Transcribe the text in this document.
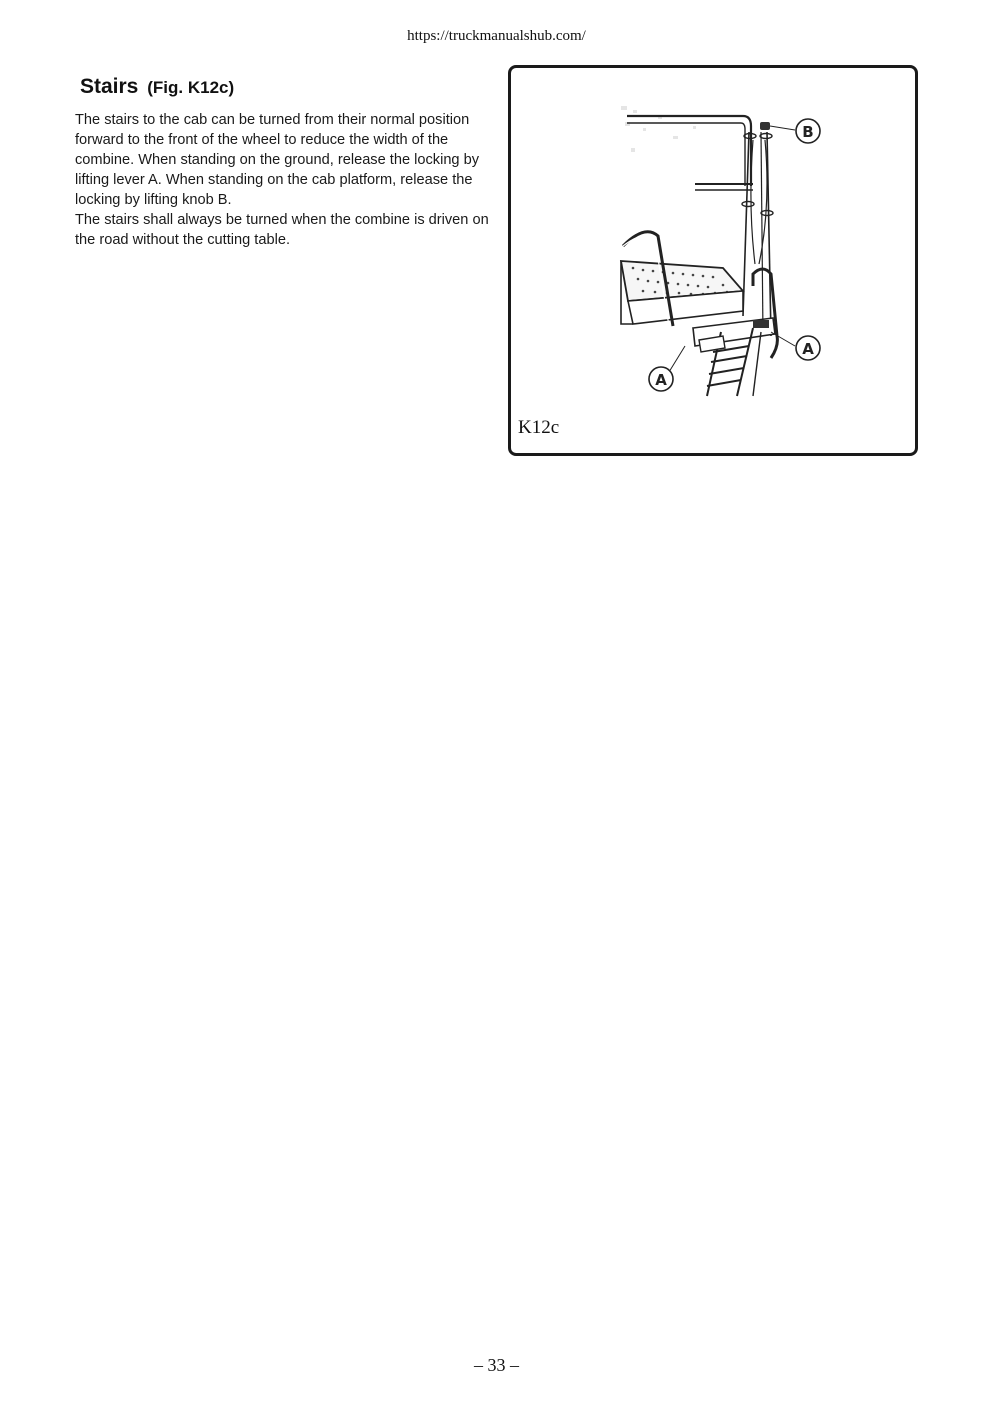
https://truckmanualshub.com/
Stairs (Fig. K12c)

The stairs to the cab can be turned from their normal position forward to the front of the wheel to reduce the width of the combine. When standing on the ground, release the locking by lifting lever A. When standing on the cab platform, release the locking by lifting knob B.

The stairs shall always be turned when the combine is driven on the road without the cutting table.

B
A
A
K12c
– 33 –
